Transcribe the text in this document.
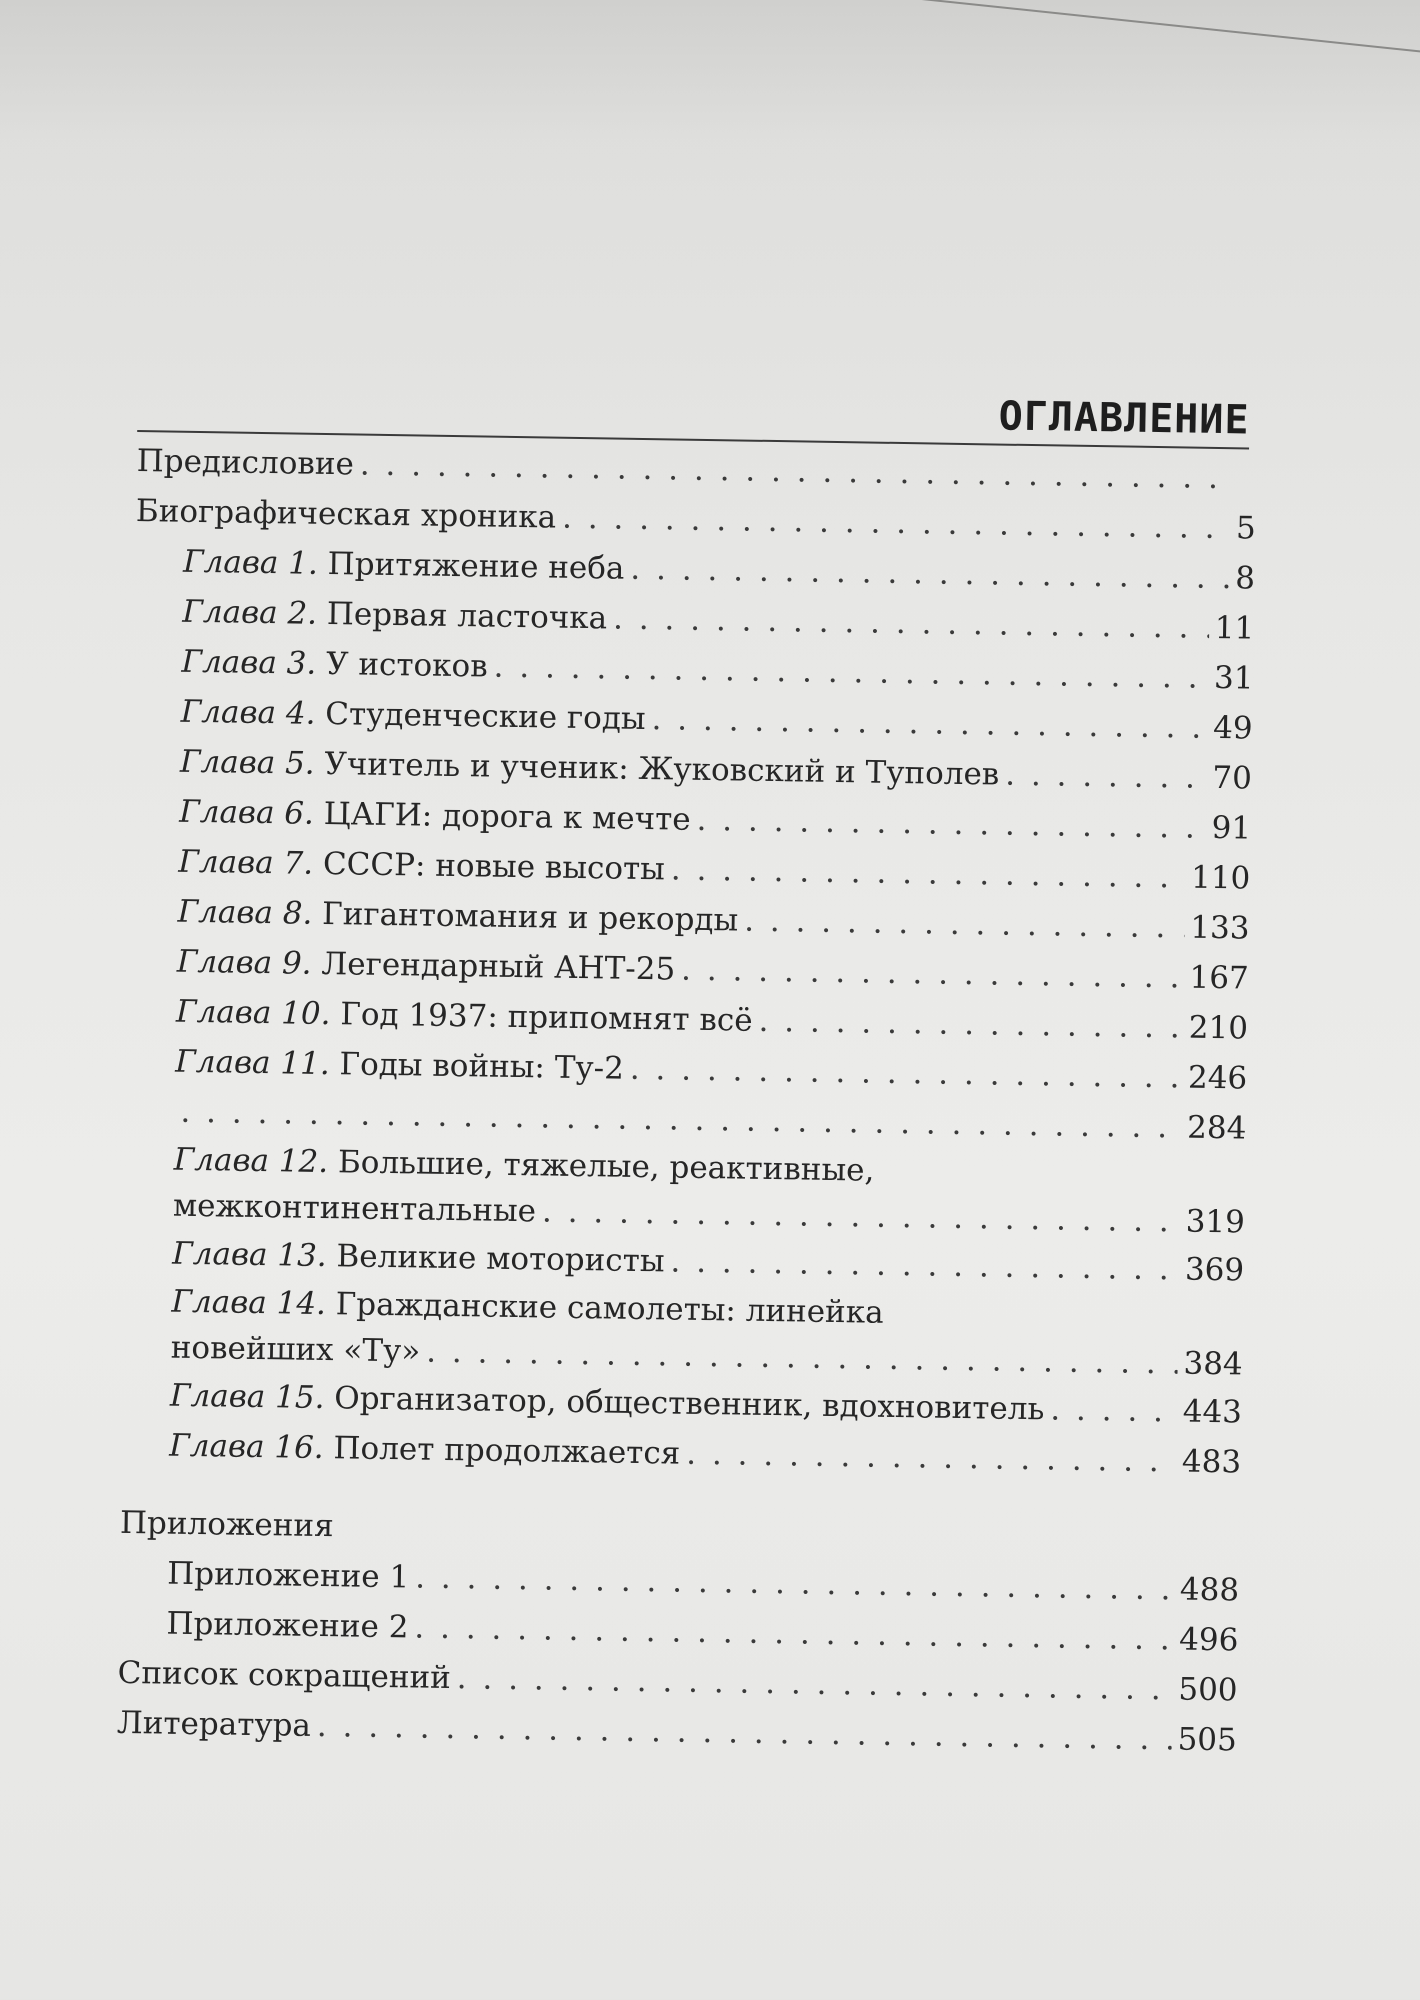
ОГЛАВЛЕНИЕ
Предисловие
. . .
Биографическая хроника . . .	5
Глава 1. Притяжение неба . . .	8
Глава 2. Первая ласточка . . .	11
Глава 3. У истоков . . .	31
Глава 4. Студенческие годы . . .	49
Глава 5. Учитель и ученик: Жуковский и Туполев . . .	70
Глава 6. ЦАГИ: дорога к мечте . . .	91
Глава 7. СССР: новые высоты . . .	110
Глава 8. Гигантомания и рекорды . . .	133
Глава 9. Легендарный АНТ-25 . . .	167
Глава 10. Год 1937: припомнят всё . . .	210
Глава 11. Годы войны: Ту-2 . . .	246
. . .
284
Глава 12. Большие, тяжелые, реактивные,
межконтинентальные . . .	319
Глава 13. Великие мотористы . . .	369
Глава 14. Гражданские самолеты: линейка
новейших «Ту» . . .	384
Глава 15. Организатор, общественник, вдохновитель . . .	443
Глава 16. Полет продолжается . . .	483
Приложения
Приложение 1 . . .	488
Приложение 2 . . .	496
Список сокращений . . .	500
Литература . . .	505
